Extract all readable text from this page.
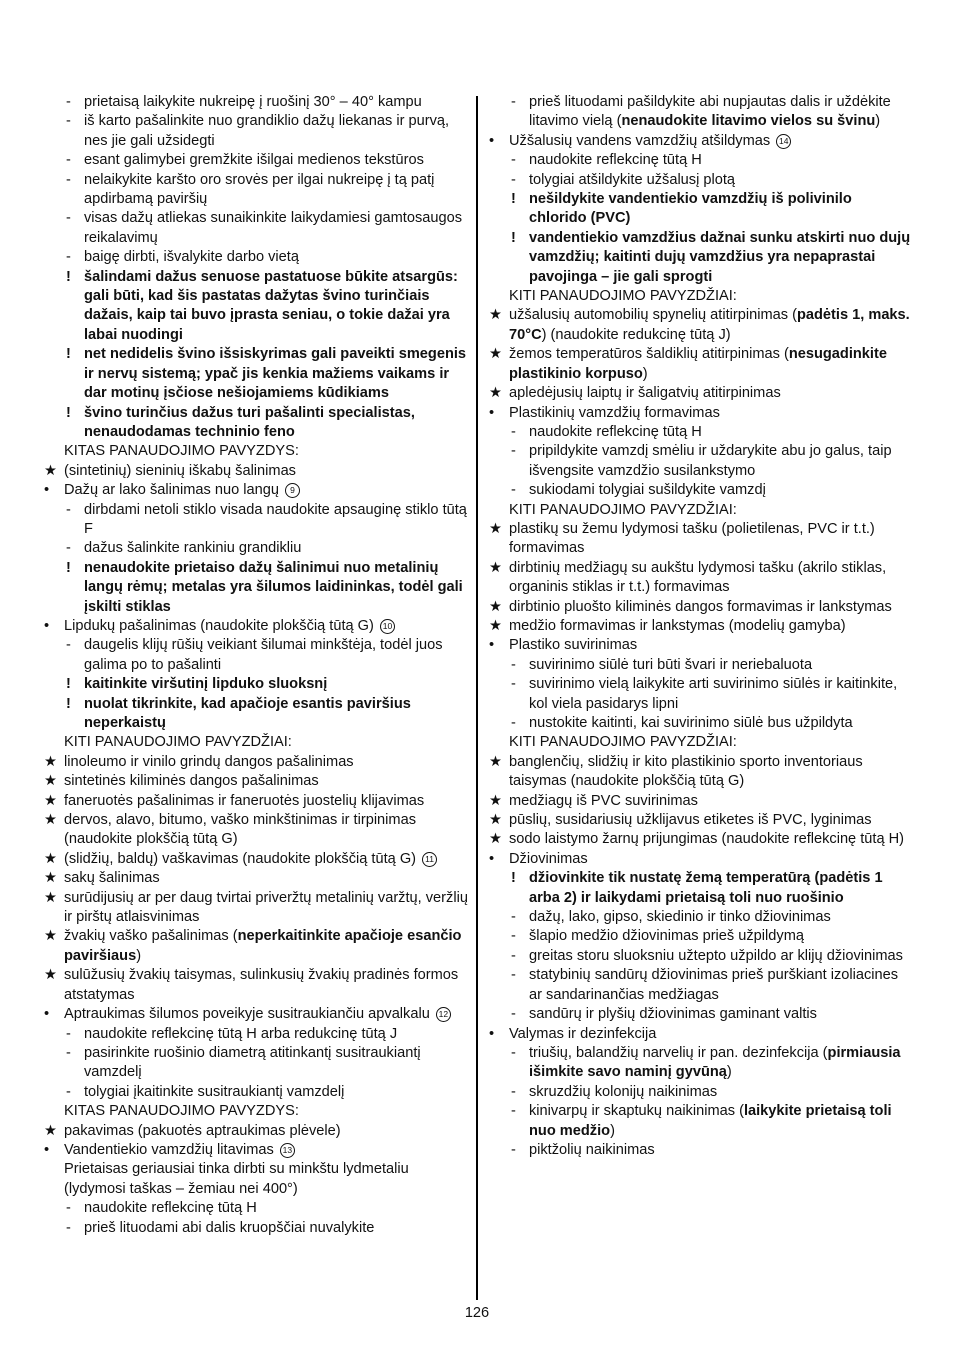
- prietaisą laikykite nukreipę į ruošinį 30° – 40° kampu
- iš karto pašalinkite nuo grandiklio dažų liekanas ir purvą, nes jie gali užsidegti
- esant galimybei gremžkite išilgai medienos tekstūros
- nelaikykite karšto oro srovės per ilgai nukreipę į tą patį apdirbamą paviršių
- visas dažų atliekas sunaikinkite laikydamiesi gamtosaugos reikalavimų
- baigę dirbti, išvalykite darbo vietą
! šalindami dažus senuose pastatuose būkite atsargūs: gali būti, kad šis pastatas dažytas švino turinčiais dažais, kaip tai buvo įprasta seniau, o tokie dažai yra labai nuodingi
! net nedidelis švino išsiskyrimas gali paveikti smegenis ir nervų sistemą; ypač jis kenkia mažiems vaikams ir dar motinų įsčiose nešiojamiems kūdikiams
! švino turinčius dažus turi pašalinti specialistas, nenaudodamas techninio feno
KITAS PANAUDOJIMO PAVYZDYS:
★ (sintetinių) sieninių iškabų šalinimas
• Dažų ar lako šalinimas nuo langų 9
- dirbdami netoli stiklo visada naudokite apsauginę stiklo tūtą F
- dažus šalinkite rankiniu grandikliu
! nenaudokite prietaiso dažų šalinimui nuo metalinių langų rėmų; metalas yra šilumos laidininkas, todėl gali įskilti stiklas
• Lipdukų pašalinimas (naudokite plokščią tūtą G) 10
- daugelis klijų rūšių veikiant šilumai minkštėja, todėl juos galima po to pašalinti
! kaitinkite viršutinį lipduko sluoksnį
! nuolat tikrinkite, kad apačioje esantis paviršius neperkaistų
KITI PANAUDOJIMO PAVYZDŽIAI:
★ linoleumo ir vinilo grindų dangos pašalinimas
★ sintetinės kiliminės dangos pašalinimas
★ faneruotės pašalinimas ir faneruotės juostelių klijavimas
★ dervos, alavo, bitumo, vaško minkštinimas ir tirpinimas (naudokite plokščią tūtą G)
★ (slidžių, baldų) vaškavimas (naudokite plokščią tūtą G) 11
★ sakų šalinimas
★ surūdijusių ar per daug tvirtai priveržtų metalinių varžtų, veržlių ir pirštų atlaisvinimas
★ žvakių vaško pašalinimas (neperkaitinkite apačioje esančio paviršiaus)
★ sulūžusių žvakių taisymas, sulinkusių žvakių pradinės formos atstatymas
• Aptraukimas šilumos poveikyje susitraukiančiu apvalkalu 12
- naudokite reflekcinę tūtą H arba redukcinę tūtą J
- pasirinkite ruošinio diametrą atitinkantį susitraukiantį vamzdelį
- tolygiai įkaitinkite susitraukiantį vamzdelį
KITAS PANAUDOJIMO PAVYZDYS:
★ pakavimas (pakuotės aptraukimas plėvele)
• Vandentiekio vamzdžių litavimas 13
Prietaisas geriausiai tinka dirbti su minkštu lydmetaliu (lydymosi taškas – žemiau nei 400°)
- naudokite reflekcinę tūtą H
- prieš lituodami abi dalis kruopščiai nuvalykite
- prieš lituodami pašildykite abi nupjautas dalis ir uždėkite litavimo vielą (nenaudokite litavimo vielos su švinu)
• Užšalusių vandens vamzdžių atšildymas 14
- naudokite reflekcinę tūtą H
- tolygiai atšildykite užšalusį plotą
! nešildykite vandentiekio vamzdžių iš polivinilo chlorido (PVC)
! vandentiekio vamzdžius dažnai sunku atskirti nuo dujų vamzdžių; kaitinti dujų vamzdžius yra nepaprastai pavojinga – jie gali sprogti
KITI PANAUDOJIMO PAVYZDŽIAI:
★ užšalusių automobilių spynelių atitirpinimas (padėtis 1, maks. 70°C) (naudokite redukcinę tūtą J)
★ žemos temperatūros šaldiklių atitirpinimas (nesugadinkite plastikinio korpuso)
★ apledėjusių laiptų ir šaligatvių atitirpinimas
• Plastikinių vamzdžių formavimas
- naudokite reflekcinę tūtą H
- pripildykite vamzdį smėliu ir uždarykite abu jo galus, taip išvengsite vamzdžio susilankstymo
- sukiodami tolygiai sušildykite vamzdį
KITI PANAUDOJIMO PAVYZDŽIAI:
★ plastikų su žemu lydymosi tašku (polietilenas, PVC ir t.t.) formavimas
★ dirbtinių medžiagų su aukštu lydymosi tašku (akrilo stiklas, organinis stiklas ir t.t.) formavimas
★ dirbtinio pluošto kiliminės dangos formavimas ir lankstymas
★ medžio formavimas ir lankstymas (modelių gamyba)
• Plastiko suvirinimas
- suvirinimo siūlė turi būti švari ir neriebaluota
- suvirinimo vielą laikykite arti suvirinimo siūlės ir kaitinkite, kol viela pasidarys lipni
- nustokite kaitinti, kai suvirinimo siūlė bus užpildyta
KITI PANAUDOJIMO PAVYZDŽIAI:
★ banglenčių, slidžių ir kito plastikinio sporto inventoriaus taisymas (naudokite plokščią tūtą G)
★ medžiagų iš PVC suvirinimas
★ pūslių, susidariusių užklijavus etiketes iš PVC, lyginimas
★ sodo laistymo žarnų prijungimas (naudokite reflekcinę tūtą H)
• Džiovinimas
! džiovinkite tik nustatę žemą temperatūrą (padėtis 1 arba 2) ir laikydami prietaisą toli nuo ruošinio
- dažų, lako, gipso, skiedinio ir tinko džiovinimas
- šlapio medžio džiovinimas prieš užpildymą
- greitas storu sluoksniu užtepto užpildo ar klijų džiovinimas
- statybinių sandūrų džiovinimas prieš purškiant izoliacines ar sandarinančias medžiagas
- sandūrų ir plyšių džiovinimas gaminant valtis
• Valymas ir dezinfekcija
- triušių, balandžių narvelių ir pan. dezinfekcija (pirmiausia išimkite savo naminį gyvūną)
- skruzdžių kolonijų naikinimas
- kinivarpų ir skaptukų naikinimas (laikykite prietaisą toli nuo medžio)
- piktžolių naikinimas
126
